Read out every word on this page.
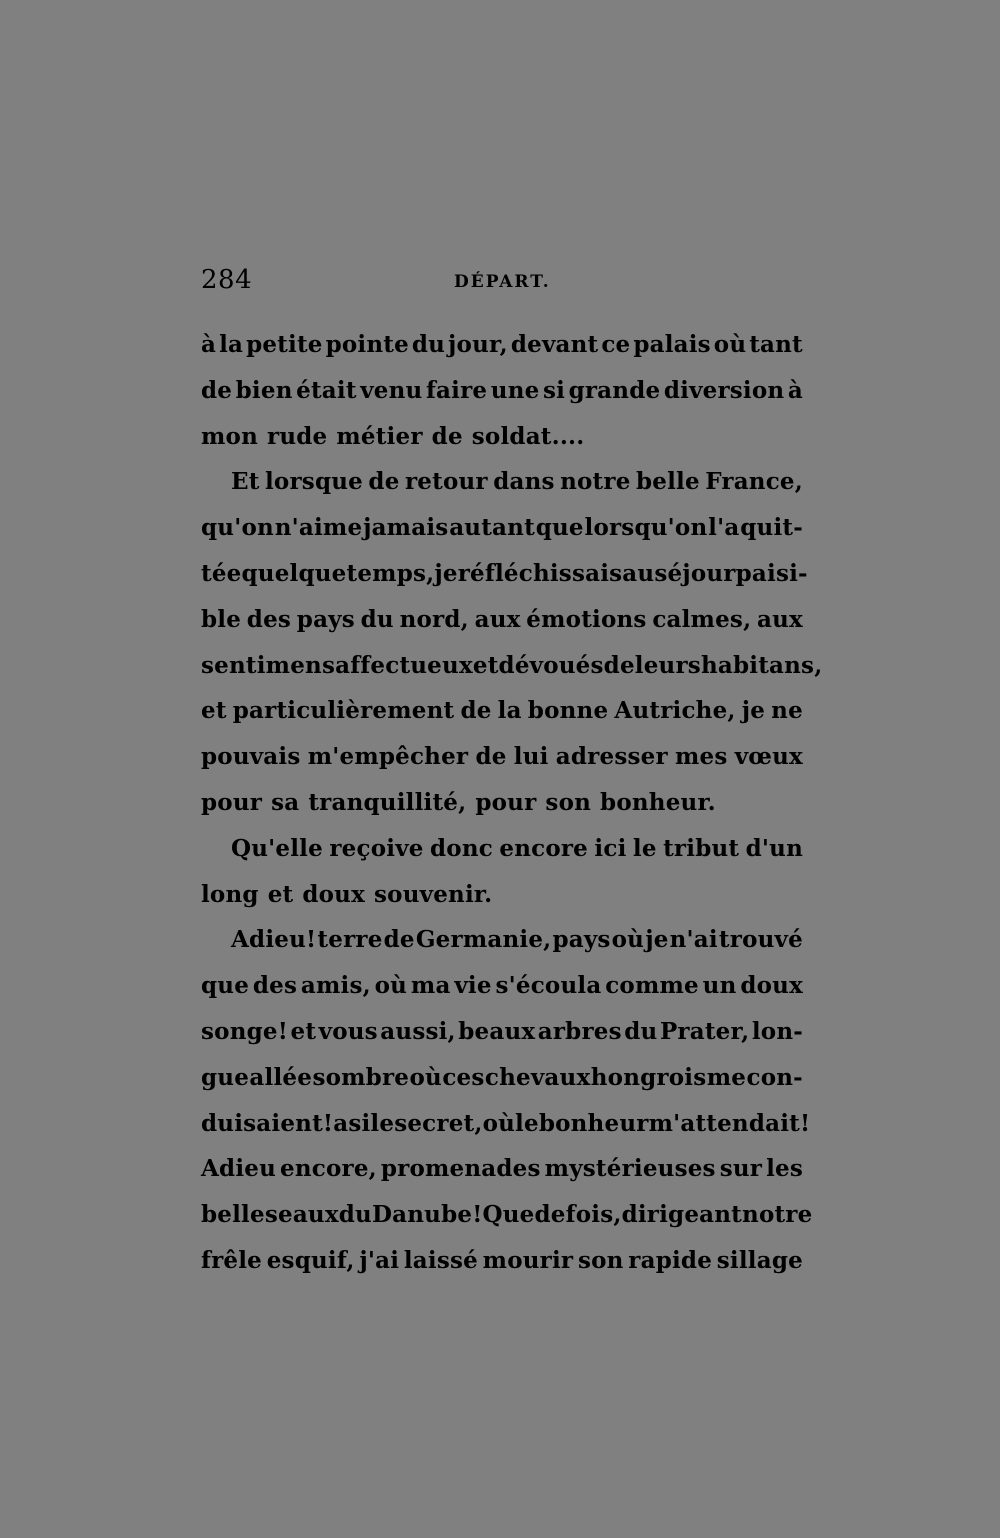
284	DÉPART.
à la petite pointe du jour, devant ce palais où tant
de bien était venu faire une si grande diversion à
mon rude métier de soldat....
Et lorsque de retour dans notre belle France,
qu'on n'aime jamais autant que lorsqu'on l'a quit-
tée quelque temps, je réfléchissais au séjour paisi-
ble des pays du nord, aux émotions calmes, aux
sentimens affectueux et dévoués de leurs habitans,
et particulièrement de la bonne Autriche, je ne
pouvais m'empêcher de lui adresser mes vœux
pour sa tranquillité, pour son bonheur.
Qu'elle reçoive donc encore ici le tribut d'un
long et doux souvenir.
Adieu! terre de Germanie, pays où je n'ai trouvé
que des amis, où ma vie s'écoula comme un doux
songe! et vous aussi, beaux arbres du Prater, lon-
gue allée sombre où ces chevaux hongrois me con-
duisaient! asile secret, où le bonheur m'attendait!
Adieu encore, promenades mystérieuses sur les
belles eaux du Danube! Que de fois, dirigeant notre
frêle esquif, j'ai laissé mourir son rapide sillage
